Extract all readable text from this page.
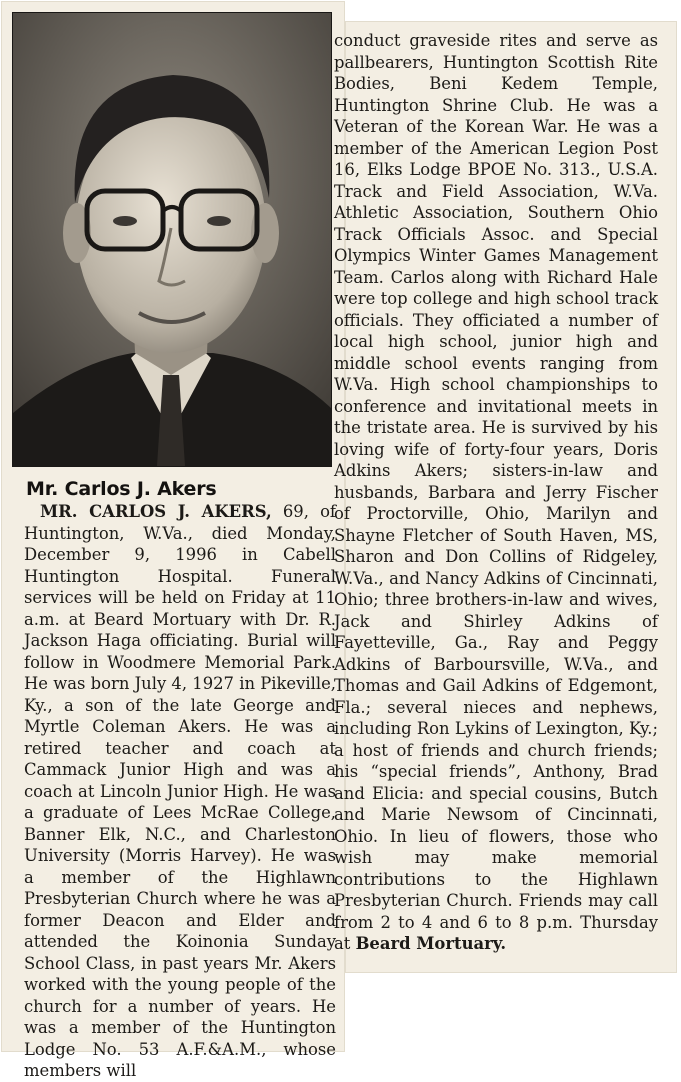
Mr. Carlos J. Akers
MR. CARLOS J. AKERS, 69, of Huntington, W.Va., died Monday, December 9, 1996 in Cabell Huntington Hospital. Funeral services will be held on Friday at 11 a.m. at Beard Mortuary with Dr. R. Jackson Haga officiating. Burial will follow in Woodmere Memorial Park. He was born July 4, 1927 in Pikeville, Ky., a son of the late George and Myrtle Coleman Akers. He was a retired teacher and coach at Cammack Junior High and was a coach at Lincoln Junior High. He was a graduate of Lees McRae College, Banner Elk, N.C., and Charleston University (Morris Harvey). He was a member of the Highlawn Presbyterian Church where he was a former Deacon and Elder and attended the Koinonia Sunday School Class, in past years Mr. Akers worked with the young people of the church for a number of years. He was a member of the Huntington Lodge No. 53 A.F.&A.M., whose members will
conduct graveside rites and serve as pallbearers, Huntington Scottish Rite Bodies, Beni Kedem Temple, Huntington Shrine Club. He was a Veteran of the Korean War. He was a member of the American Legion Post 16, Elks Lodge BPOE No. 313., U.S.A. Track and Field Association, W.Va. Athletic Association, Southern Ohio Track Officials Assoc. and Special Olympics Winter Games Management Team. Carlos along with Richard Hale were top college and high school track officials. They officiated a number of local high school, junior high and middle school events ranging from W.Va. High school championships to conference and invitational meets in the tristate area. He is survived by his loving wife of forty-four years, Doris Adkins Akers; sisters-in-law and husbands, Barbara and Jerry Fischer of Proctorville, Ohio, Marilyn and Shayne Fletcher of South Haven, MS, Sharon and Don Collins of Ridgeley, W.Va., and Nancy Adkins of Cincinnati, Ohio; three brothers-in-law and wives, Jack and Shirley Adkins of Fayetteville, Ga., Ray and Peggy Adkins of Barboursville, W.Va., and Thomas and Gail Adkins of Edgemont, Fla.; several nieces and nephews, including Ron Lykins of Lexington, Ky.; a host of friends and church friends; his “special friends”, Anthony, Brad and Elicia: and special cousins, Butch and Marie Newsom of Cincinnati, Ohio. In lieu of flowers, those who wish may make memorial contributions to the Highlawn Presbyterian Church. Friends may call from 2 to 4 and 6 to 8 p.m. Thursday at Beard Mortuary.
